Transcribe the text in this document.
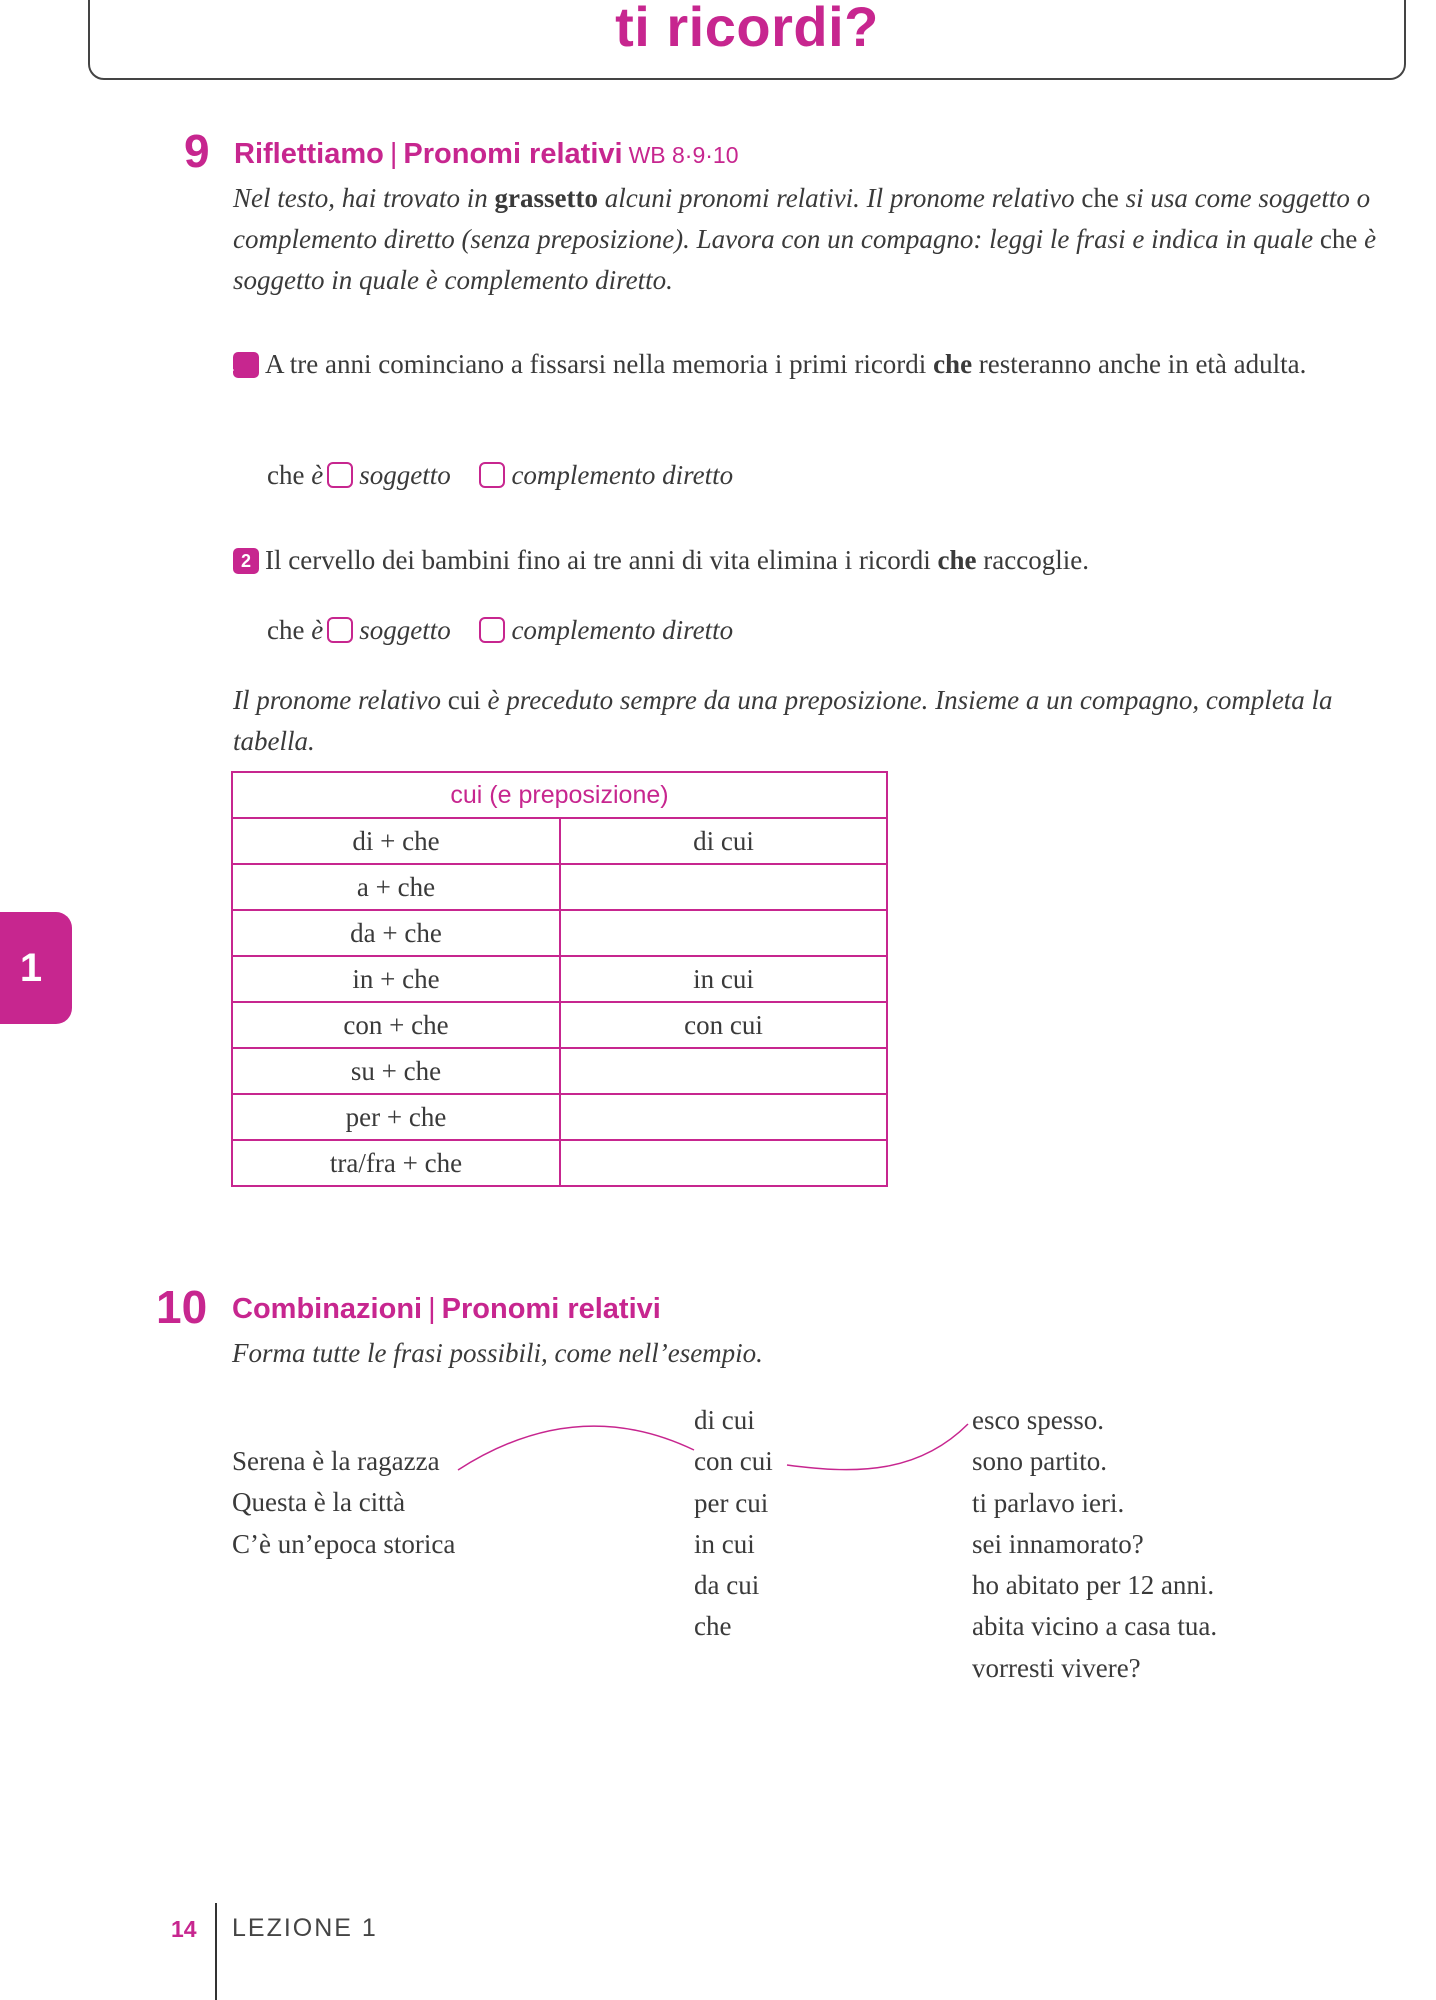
ti ricordi?
1
9 Riflettiamo | Pronomi relativi WB 8·9·10
Nel testo, hai trovato in grassetto alcuni pronomi relativi. Il pronome relativo che si usa come soggetto o complemento diretto (senza preposizione). Lavora con un compagno: leggi le frasi e indica in quale che è soggetto in quale è complemento diretto.
1 A tre anni cominciano a fissarsi nella memoria i primi ricordi che resteranno anche in età adulta.
che è soggetto complemento diretto
2 Il cervello dei bambini fino ai tre anni di vita elimina i ricordi che raccoglie.
che è soggetto complemento diretto
Il pronome relativo cui è preceduto sempre da una preposizione. Insieme a un compagno, completa la tabella.
cui (e preposizione)	
di + che	di cui
a + che	
da + che	
in + che	in cui
con + che	con cui
su + che	
per + che	
tra/fra + che	
10 Combinazioni | Pronomi relativi
Forma tutte le frasi possibili, come nell’esempio.
Serena è la ragazza
Questa è la città
C’è un’epoca storica
di cui
con cui
per cui
in cui
da cui
che
esco spesso.
sono partito.
ti parlavo ieri.
sei innamorato?
ho abitato per 12 anni.
abita vicino a casa tua.
vorresti vivere?
14 LEZIONE 1
